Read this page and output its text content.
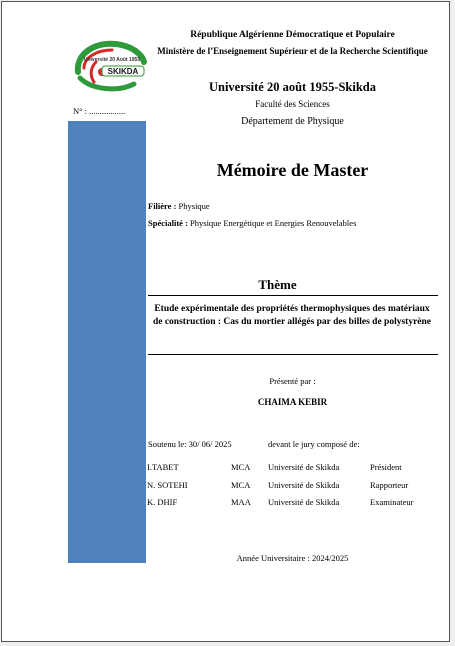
Université 20 Août 1955
SKIKDA
République Algérienne Démocratique et Populaire
Ministère de l’Enseignement Supérieur et de la Recherche Scientifique
Université 20 août 1955-Skikda
Faculté des Sciences
Département de Physique
N° : .................
Mémoire de Master
Filière : Physique
Spécialité : Physique Energétique et Energies Renouvelables
Thème
Etude expérimentale des propriétés thermophysiques des matériaux de construction : Cas du mortier allégés par des billes de polystyrène
Présenté par :
CHAIMA KEBIR
Soutenu le: 30/ 06/ 2025	devant le jury composé de:
I.TABET	MCA Université de Skikda	Président
N. SOTEHI	MCA Université de Skikda	Rapporteur
K. DHIF	MAA Université de Skikda	Examinateur
Année Universitaire : 2024/2025
